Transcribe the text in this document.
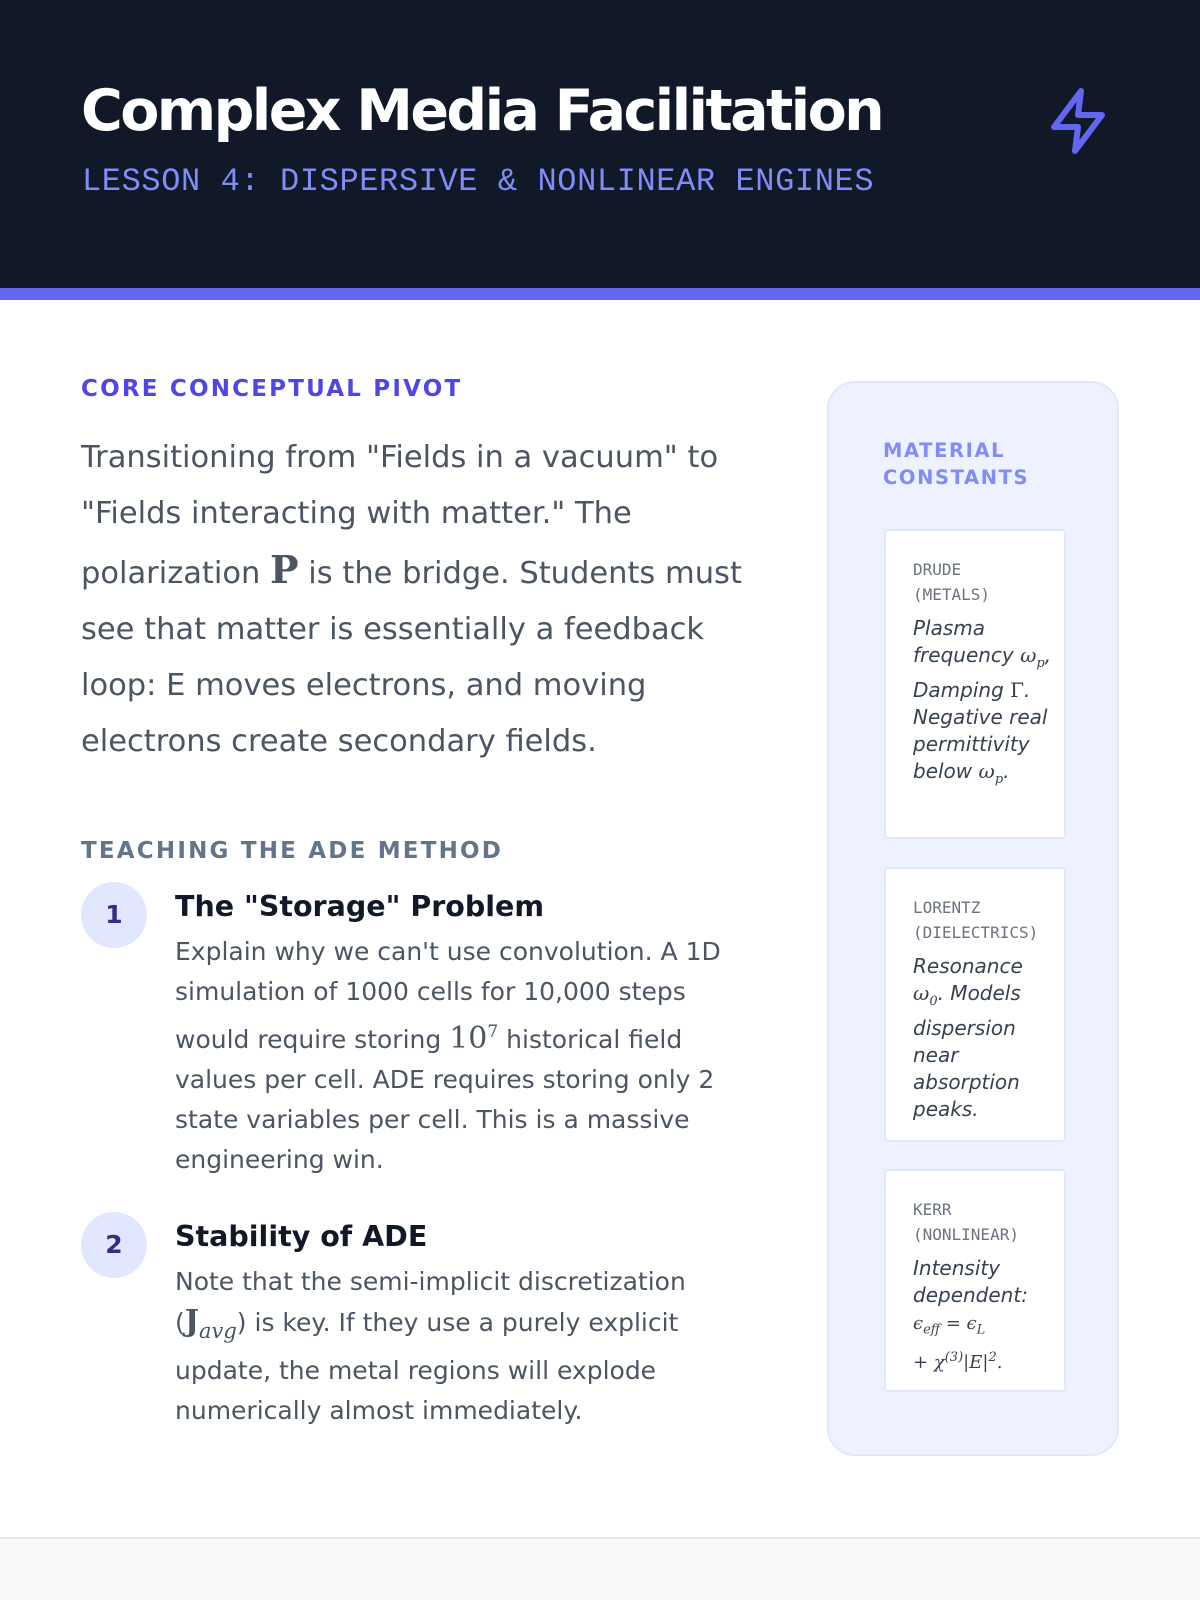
Complex Media Facilitation
LESSON 4: DISPERSIVE & NONLINEAR ENGINES
CORE CONCEPTUAL PIVOT

Transitioning from "Fields in a vacuum" to "Fields interacting with matter." The polarization P is the bridge. Students must see that matter is essentially a feedback loop: E moves electrons, and moving electrons create secondary fields.

TEACHING THE ADE METHOD
1	The "Storage" Problem

Explain why we can't use convolution. A 1D simulation of 1000 cells for 10,000 steps would require storing $10^7$ historical field values per cell. ADE requires storing only 2 state variables per cell. This is a massive engineering win.

2	Stability of ADE

Note that the semi-implicit discretization $(J_{avg})$ is key. If they use a purely explicit update, the metal regions will explode numerically almost immediately.

MATERIAL CONSTANTS
DRUDE
(METALS)

Plasma frequency $\omega_p$, Damping Γ. Negative real permittivity below $\omega_p$.

LORENTZ
(DIELECTRICS)

Resonance $\omega_0$. Models dispersion near absorption peaks.

KERR
(NONLINEAR)

Intensity dependent:
$\epsilon_{eff} = \epsilon_L$
+ $\chi^{(3)}|E|^2$.
